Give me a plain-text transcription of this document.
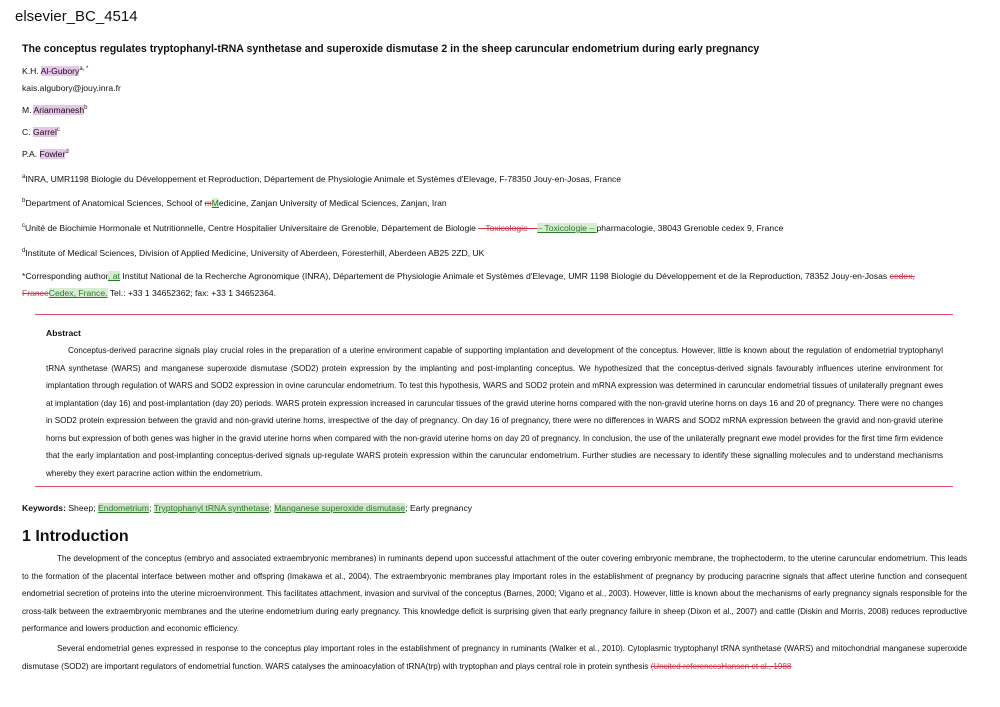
elsevier_BC_4514
The conceptus regulates tryptophanyl-tRNA synthetase and superoxide dismutase 2 in the sheep caruncular endometrium during early pregnancy
K.H. Al-Gubory$^{a, *}$
kais.algubory@jouy.inra.fr
M. Arianmanesh$^b$
C. Garrel$^c$
P.A. Fowler$^d$
$^a$INRA, UMR1198 Biologie du Développement et Reproduction, Département de Physiologie Animale et Systèmes d'Elevage, F-78350 Jouy-en-Josas, France
$^b$Department of Anatomical Sciences, School of mMedicine, Zanjan University of Medical Sciences, Zanjan, Iran
$^c$Unité de Biochimie Hormonale et Nutritionnelle, Centre Hospitalier Universitaire de Grenoble, Département de Biologie – Toxicologie – – Toxicologie – pharmacologie, 38043 Grenoble cedex 9, France
$^d$Institute of Medical Sciences, Division of Applied Medicine, University of Aberdeen, Foresterhill, Aberdeen AB25 2ZD, UK
*Corresponding author. at Institut National de la Recherche Agronomique (INRA), Département de Physiologie Animale et Systèmes d'Elevage, UMR 1198 Biologie du Développement et de la Reproduction, 78352 Jouy-en-Josas cedex,
FranceCedex, France. Tel.: +33 1 34652362; fax: +33 1 34652364.
Abstract
Conceptus-derived paracrine signals play crucial roles in the preparation of a uterine environment capable of supporting implantation and development of the conceptus. However, little is known about the regulation of endometrial tryptophanyl tRNA synthetase (WARS) and manganese superoxide dismutase (SOD2) protein expression by the implanting and post-implanting conceptus. We hypothesized that the conceptus-derived signals favourably influences uterine environment for implantation through regulation of WARS and SOD2 expression in ovine caruncular endometrium. To test this hypothesis, WARS and SOD2 protein and mRNA expression was determined in caruncular endometrial tissues of unilaterally pregnant ewes at implantation (day 16) and post-implantation (day 20) periods. WARS protein expression increased in caruncular tissues of the gravid uterine horns compared with the non-gravid uterine horns on days 16 and 20 of pregnancy. There were no changes in SOD2 protein expression between the gravid and non-gravid uterine horns, irrespective of the day of pregnancy. On day 16 of pregnancy, there were no differences in WARS and SOD2 mRNA expression between the gravid and non-gravid uterine horns but expression of both genes was higher in the gravid uterine horns when compared with the non-gravid uterine horns on day 20 of pregnancy. In conclusion, the use of the unilaterally pregnant ewe model provides for the first time firm evidence that the early implantation and post-implanting conceptus-derived signals up-regulate WARS protein expression within the caruncular endometrium. Further studies are necessary to identify these signalling molecules and to understand mechanisms whereby they exert paracrine action within the endometrium.
Keywords: Sheep; Endometrium; Tryptophanyl tRNA synthetase; Manganese superoxide dismutase; Early pregnancy
1 Introduction
The development of the conceptus (embryo and associated extraembryonic membranes) in ruminants depend upon successful attachment of the outer covering embryonic membrane, the trophectoderm, to the uterine caruncular endometrium. This leads to the formation of the placental interface between mother and offspring (Imakawa et al., 2004). The extraembryonic membranes play important roles in the establishment of pregnancy by producing paracrine signals that affect uterine function and consequent endometrial secretion of proteins into the uterine microenvironment. This facilitates attachment, invasion and survival of the conceptus (Barnes, 2000; Vigano et al., 2003). However, little is known about the mechanisms of early pregnancy signals responsible for the cross-talk between the extraembryonic membranes and the uterine endometrium during early pregnancy. This knowledge deficit is surprising given that early pregnancy failure in sheep (Dixon et al., 2007) and cattle (Diskin and Morris, 2008) reduces reproductive performance and lowers production and economic efficiency.
Several endometrial genes expressed in response to the conceptus play important roles in the establishment of pregnancy in ruminants (Walker et al., 2010). Cytoplasmic tryptophanyl tRNA synthetase (WARS) and mitochondrial manganese superoxide dismutase (SOD2) are important regulators of endometrial function. WARS catalyses the aminoacylation of tRNA(trp) with tryptophan and plays central role in protein synthesis (Uncited referencesHansen et al., 1988
